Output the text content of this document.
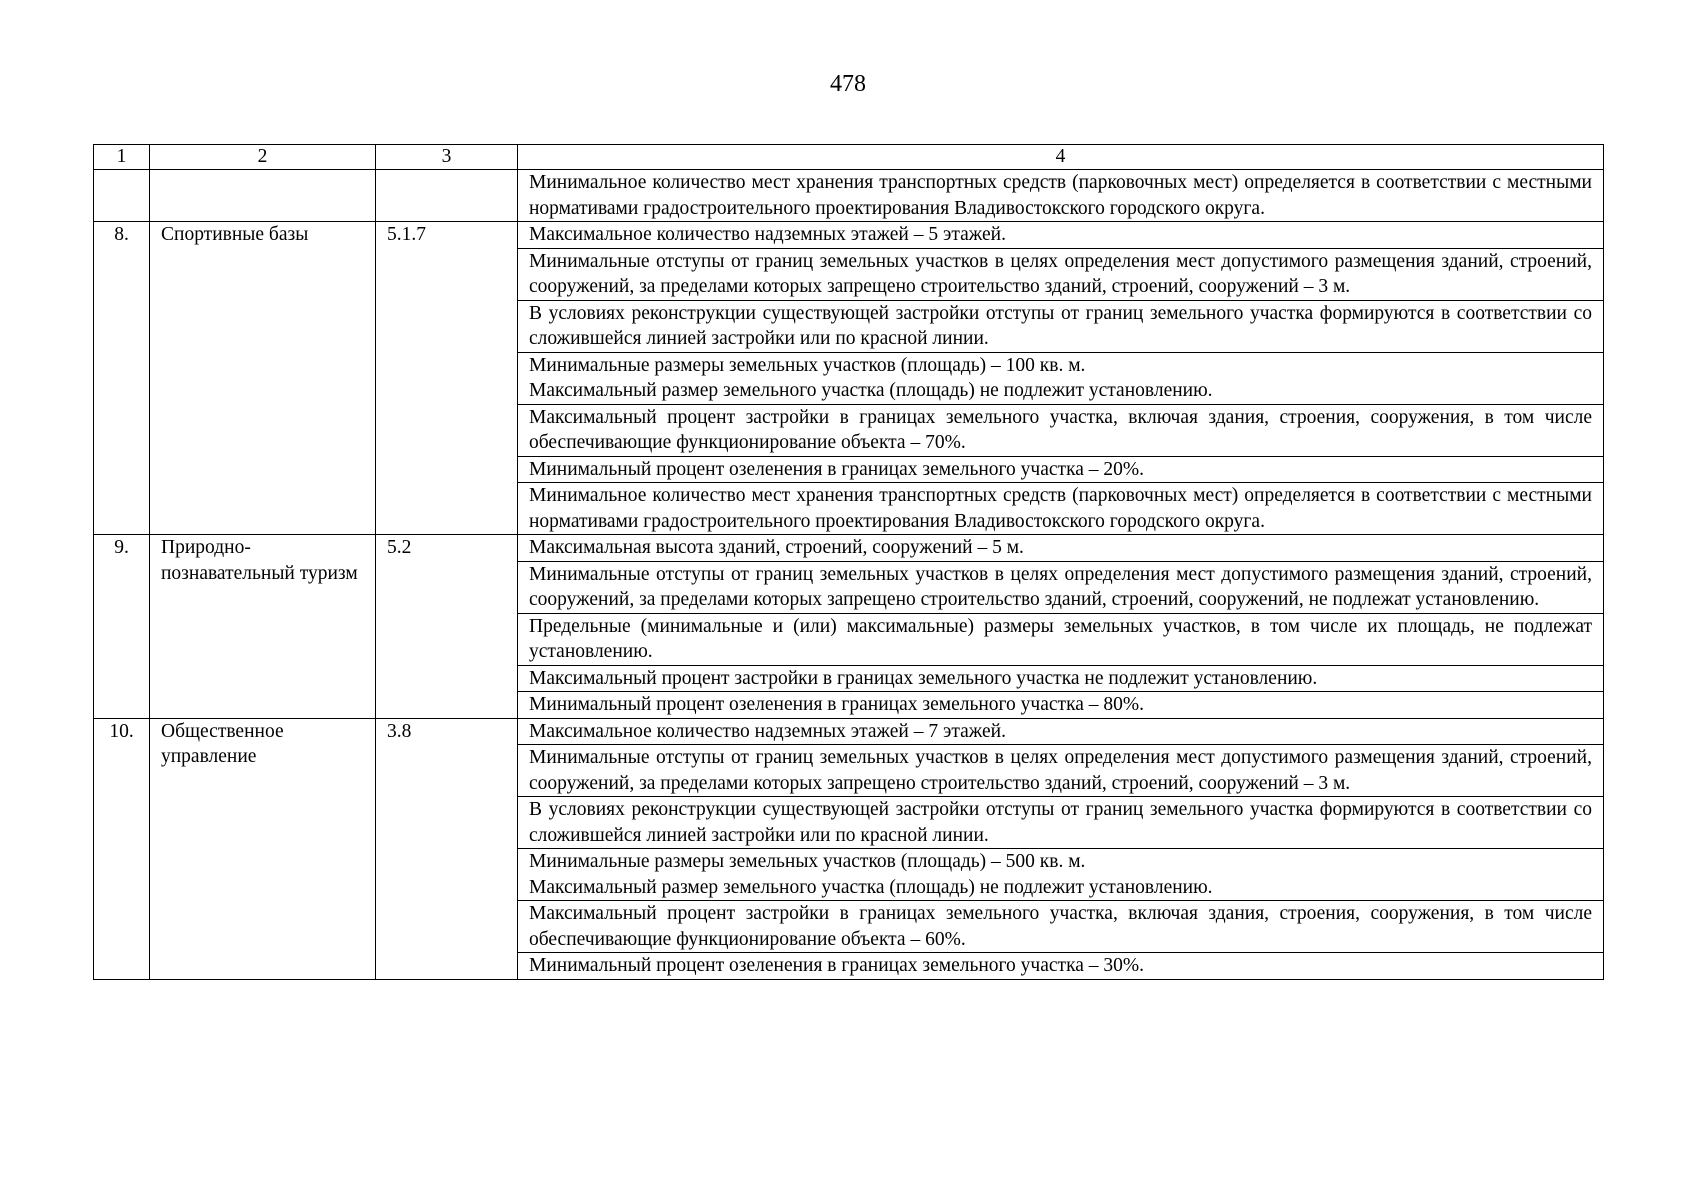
478
1	2	3	4
			Минимальное количество мест хранения транспортных средств (парковочных мест) определяется в соответствии с местными нормативами градостроительного проектирования Владивостокского городского округа.
8.	Спортивные базы	5.1.7	Максимальное количество надземных этажей – 5 этажей.
			Минимальные отступы от границ земельных участков в целях определения мест допустимого размещения зданий, строений, сооружений, за пределами которых запрещено строительство зданий, строений, сооружений – 3 м.
			В условиях реконструкции существующей застройки отступы от границ земельного участка формируются в соответствии со сложившейся линией застройки или по красной линии.
			Минимальные размеры земельных участков (площадь) – 100 кв. м.
Максимальный размер земельного участка (площадь) не подлежит установлению.
			Максимальный процент застройки в границах земельного участка, включая здания, строения, сооружения, в том числе обеспечивающие функционирование объекта – 70%.
			Минимальный процент озеленения в границах земельного участка – 20%.
			Минимальное количество мест хранения транспортных средств (парковочных мест) определяется в соответствии с местными нормативами градостроительного проектирования Владивостокского городского округа.
9.	Природно-познавательный туризм	5.2	Максимальная высота зданий, строений, сооружений – 5 м.
			Минимальные отступы от границ земельных участков в целях определения мест допустимого размещения зданий, строений, сооружений, за пределами которых запрещено строительство зданий, строений, сооружений, не подлежат установлению.
			Предельные (минимальные и (или) максимальные) размеры земельных участков, в том числе их площадь, не подлежат установлению.
			Максимальный процент застройки в границах земельного участка не подлежит установлению.
			Минимальный процент озеленения в границах земельного участка – 80%.
10.	Общественное управление	3.8	Максимальное количество надземных этажей – 7 этажей.
			Минимальные отступы от границ земельных участков в целях определения мест допустимого размещения зданий, строений, сооружений, за пределами которых запрещено строительство зданий, строений, сооружений – 3 м.
			В условиях реконструкции существующей застройки отступы от границ земельного участка формируются в соответствии со сложившейся линией застройки или по красной линии.
			Минимальные размеры земельных участков (площадь) – 500 кв. м.
Максимальный размер земельного участка (площадь) не подлежит установлению.
			Максимальный процент застройки в границах земельного участка, включая здания, строения, сооружения, в том числе обеспечивающие функционирование объекта – 60%.
			Минимальный процент озеленения в границах земельного участка – 30%.
